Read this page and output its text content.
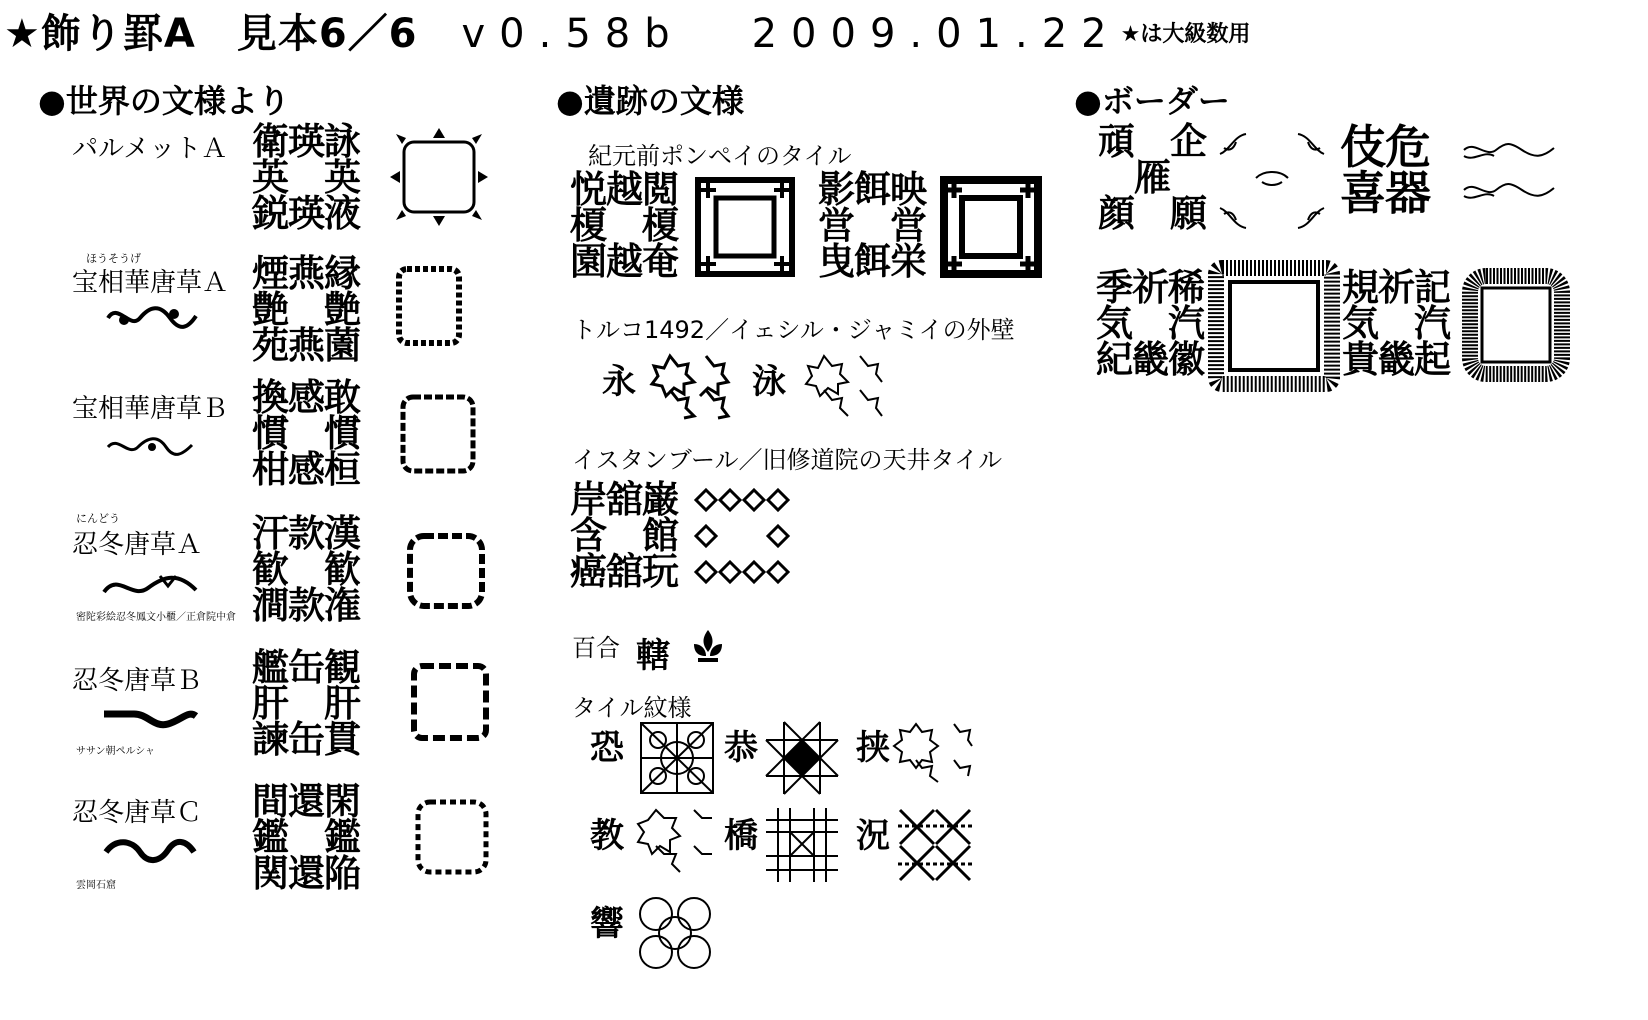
★飾り罫A　見本6／6 v0.58b 2009.01.22★は大級数用
●世界の文様より
パルメットＡ 衛瑛詠
英　英
鋭瑛液
ほうそうげ
宝相華唐草Ａ 煙燕縁
艶　艶
苑燕薗
宝相華唐草Ｂ 換感敢
慣　慣
柑感桓
にんどう
忍冬唐草Ａ
密陀彩絵忍冬鳳文小櫃／正倉院中倉
汗款漢
歓　歓
澗款潅
忍冬唐草Ｂ
ササン朝ペルシャ
艦缶観
肝　肝
諫缶貫
忍冬唐草Ｃ
雲岡石窟
間還閑
鑑　鑑
関還陥
●遺跡の文様
紀元前ポンペイのタイル
悦越閲
榎　榎
園越奄
影餌映
営　営
曳餌栄
トルコ1492／イェシル・ジャミイの外壁
永	泳
イスタンブール／旧修道院の天井タイル
岸舘巌
含　館
癌舘玩
百合 轄
タイル紋様
恐	恭	挟
教	橋	況
響
●ボーダー
頑　企
雁
顔　願
伎危
喜器
季祈稀
気　汽
紀畿徽
規祈記
気　汽
貴畿起
